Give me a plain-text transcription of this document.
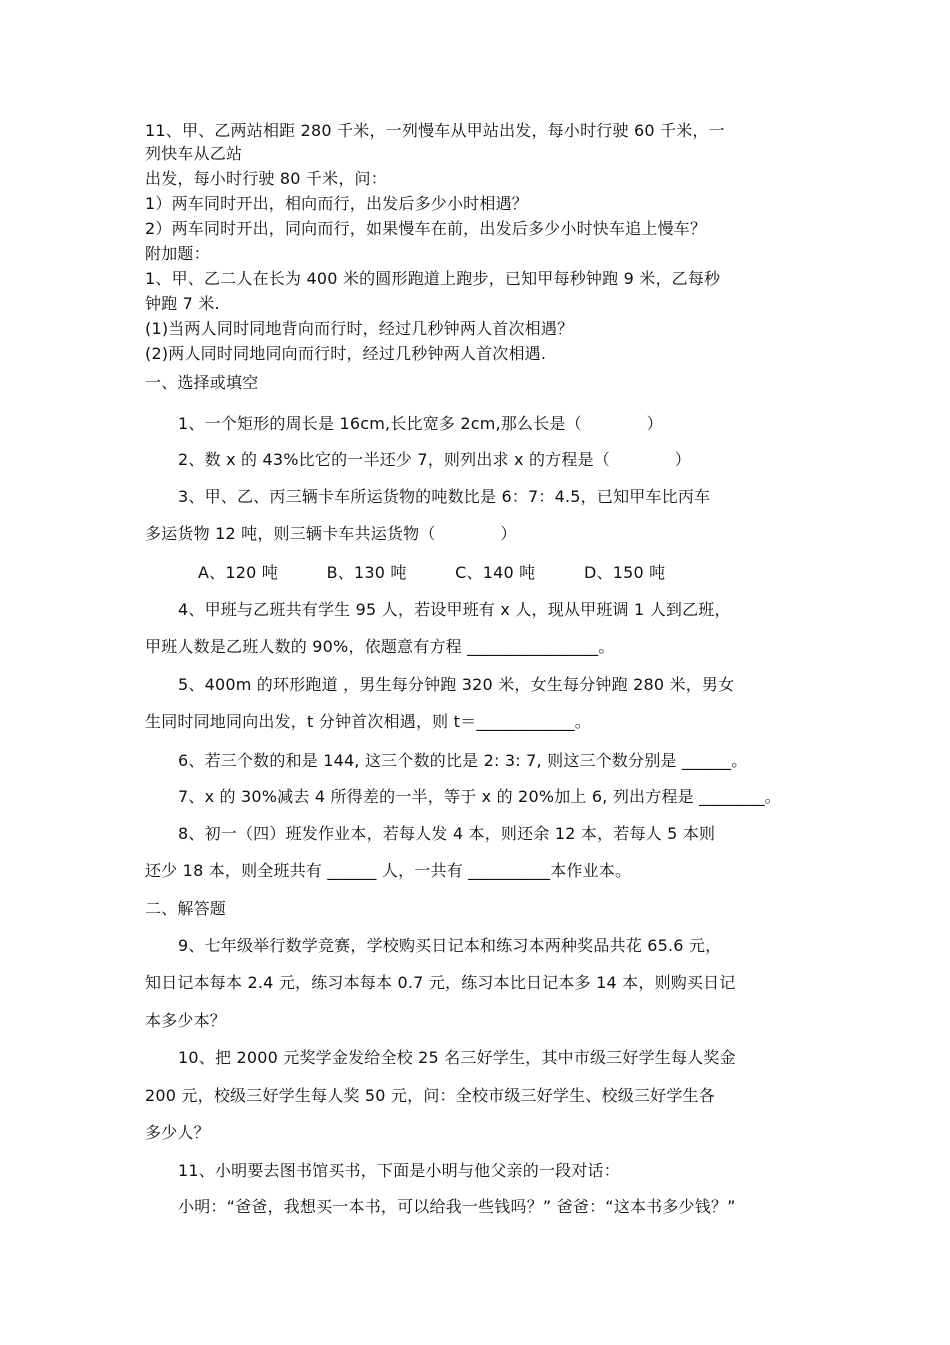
11、甲、乙两站相距 280 千米，一列慢车从甲站出发，每小时行驶 60 千米，一
列快车从乙站
出发，每小时行驶 80 千米，问：
1）两车同时开出，相向而行，出发后多少小时相遇？
2）两车同时开出，同向而行，如果慢车在前，出发后多少小时快车追上慢车？
附加题：
1、甲、乙二人在长为 400 米的圆形跑道上跑步，已知甲每秒钟跑 9 米，乙每秒
钟跑 7 米.
(1)当两人同时同地背向而行时，经过几秒钟两人首次相遇？
(2)两人同时同地同向而行时，经过几秒钟两人首次相遇.
一、选择或填空
1、一个矩形的周长是 16cm,长比宽多 2cm,那么长是（　　　　）
2、数 x 的 43%比它的一半还少 7，则列出求 x 的方程是（　　　　）
3、甲、乙、丙三辆卡车所运货物的吨数比是 6：7：4.5，已知甲车比丙车
多运货物 12 吨，则三辆卡车共运货物（　　　　）
A、120 吨　　　B、130 吨　　　C、140 吨　　　D、150 吨
4、甲班与乙班共有学生 95 人，若设甲班有 x 人，现从甲班调 1 人到乙班，
甲班人数是乙班人数的 90%，依题意有方程 ________________。
5、400m 的环形跑道 ，男生每分钟跑 320 米，女生每分钟跑 280 米，男女
生同时同地同向出发，t 分钟首次相遇，则 t＝____________。
6、若三个数的和是 144, 这三个数的比是 2: 3: 7, 则这三个数分别是 ______。
7、x 的 30%减去 4 所得差的一半，等于 x 的 20%加上 6, 列出方程是 ________。
8、初一（四）班发作业本，若每人发 4 本，则还余 12 本，若每人 5 本则
还少 18 本，则全班共有 ______ 人，一共有 __________本作业本。
二、解答题
9、七年级举行数学竞赛，学校购买日记本和练习本两种奖品共花 65.6 元，
知日记本每本 2.4 元，练习本每本 0.7 元，练习本比日记本多 14 本，则购买日记
本多少本？
10、把 2000 元奖学金发给全校 25 名三好学生，其中市级三好学生每人奖金
200 元，校级三好学生每人奖 50 元，问：全校市级三好学生、校级三好学生各
多少人？
11、小明要去图书馆买书，下面是小明与他父亲的一段对话：
小明：“爸爸，我想买一本书，可以给我一些钱吗？” 爸爸：“这本书多少钱？”
